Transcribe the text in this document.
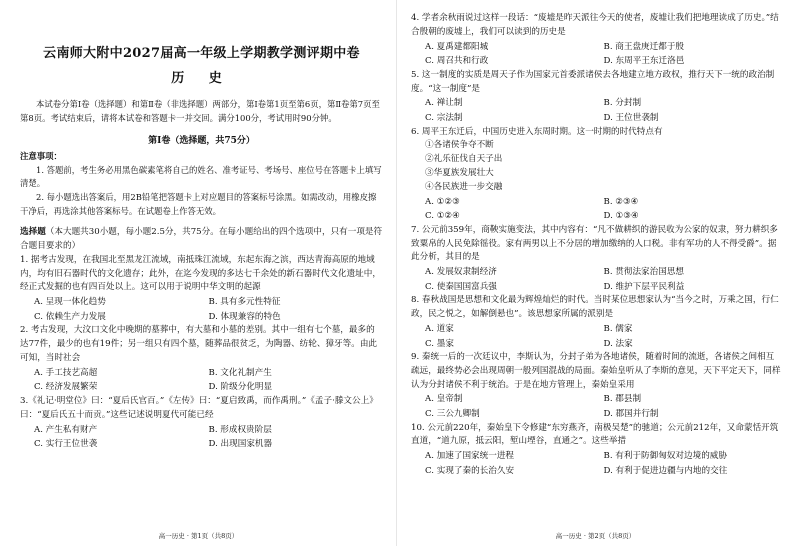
云南师大附中2027届高一年级上学期教学测评期中卷
历 史

本试卷分第Ⅰ卷（选择题）和第Ⅱ卷（非选择题）两部分，第Ⅰ卷第1页至第6页，第Ⅱ卷第7页至第8页。考试结束后，请将本试卷和答题卡一并交回。满分100分，考试用时90分钟。

第Ⅰ卷（选择题，共75分）

注意事项：

1. 答题前，考生务必用黑色碳素笔将自己的姓名、准考证号、考场号、座位号在答题卡上填写清楚。

2. 每小题选出答案后，用2B铅笔把答题卡上对应题目的答案标号涂黑。如需改动，用橡皮擦干净后，再选涂其他答案标号。在试题卷上作答无效。

选择题（本大题共30小题，每小题2.5分，共75分。在每小题给出的四个选项中，只有一项是符合题目要求的）

1. 据考古发现，在我国北至黑龙江流域，南抵珠江流域，东起东海之滨，西达青海高原的地域内，均有旧石器时代的文化遗存；此外，在迄今发现的多达七千余处的新石器时代文化遗址中，经正式发掘的也有四百处以上。这可以用于说明中华文明的起源

A. 呈现一体化趋势	B. 具有多元性特征
C. 依赖生产力发展	D. 体现兼容的特色

2. 考古发现，大汶口文化中晚期的墓葬中，有大墓和小墓的差别。其中一组有七个墓，最多的达77件，最少的也有19件；另一组只有四个墓，随葬品很贫乏，为陶器、纺轮、獐牙等。由此可知，当时社会

A. 手工技艺高超	B. 文化礼制产生
C. 经济发展繁荣	D. 阶级分化明显

3.《礼记·明堂位》曰：“夏后氏官百。”《左传》曰：“夏启致禹，而作禹刑。”《孟子·滕文公上》曰：“夏后氏五十而贡。”这些记述说明夏代可能已经

A. 产生私有财产	B. 形成权贵阶层
C. 实行王位世袭	D. 出现国家机器
高一历史 · 第1页（共8页）

4. 学者余秋雨说过这样一段话：“废墟是昨天派往今天的使者，废墟让我们把地理读成了历史。”结合殷朝的废墟上，我们可以读到的历史是

A. 夏禹建都阳城	B. 商王盘庚迁都于殷
C. 周召共和行政	D. 东周平王东迁洛邑

5. 这一制度的实质是周天子作为国家元首委派诸侯去各地建立地方政权，推行天下一统的政治制度。“这一制度”是

A. 禅让制	B. 分封制
C. 宗法制	D. 王位世袭制

6. 周平王东迁后，中国历史进入东周时期。这一时期的时代特点有

①各诸侯争夺不断
②礼乐征伐自天子出
③华夏族发展壮大
④各民族进一步交融
A. ①②③	B. ②③④
C. ①②④	D. ①③④

7. 公元前359年，商鞅实施变法，其中内容有：“凡不做耕织的游民收为公家的奴隶，努力耕织多致粟帛的人民免除徭役。家有两男以上不分居的增加缴纳的人口税。非有军功的人不得受爵”。据此分析，其目的是

A. 发展奴隶制经济	B. 贯彻法家治国思想
C. 使秦国国富兵强	D. 维护下层平民利益

8. 春秋战国是思想和文化最为辉煌灿烂的时代。当时某位思想家认为“当今之时，万乘之国，行仁政，民之悦之，如解倒悬也”。该思想家所属的派别是

A. 道家	B. 儒家
C. 墨家	D. 法家

9. 秦统一后的一次廷议中，李斯认为，分封子弟为各地诸侯，随着时间的流逝，各诸侯之间相互疏远，最终势必会出现周朝一般列国混战的局面。秦始皇听从了李斯的意见，天下平定天下，同样认为分封诸侯不利于统治。于是在地方管理上，秦始皇采用

A. 皇帝制	B. 郡县制
C. 三公九卿制	D. 郡国并行制

10. 公元前220年，秦始皇下令修建“东穷燕齐，南极吴楚”的驰道；公元前212年，又命蒙恬开筑直道，“道九原，抵云阳，堑山堙谷，直通之”。这些举措

A. 加速了国家统一进程	B. 有利于防御匈奴对边境的威胁
C. 实现了秦的长治久安	D. 有利于促进边疆与内地的交往
高一历史 · 第2页（共8页）
